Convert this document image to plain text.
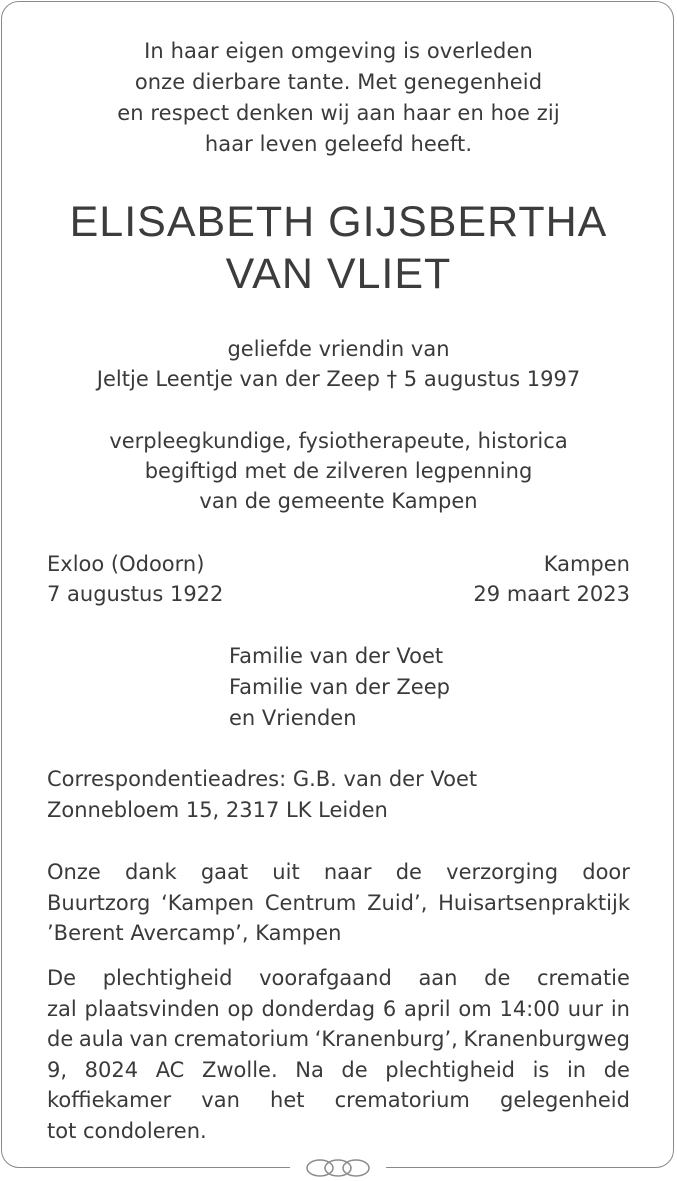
In haar eigen omgeving is overleden
onze dierbare tante. Met genegenheid
en respect denken wij aan haar en hoe zij
haar leven geleefd heeft.
ELISABETH GIJSBERTHA
VAN VLIET
geliefde vriendin van
Jeltje Leentje van der Zeep † 5 augustus 1997
verpleegkundige, fysiotherapeute, historica
begiftigd met de zilveren legpenning
van de gemeente Kampen
Exloo (Odoorn)	Kampen
7 augustus 1922	29 maart 2023
Familie van der Voet
Familie van der Zeep
en Vrienden
Correspondentieadres: G.B. van der Voet
Zonnebloem 15, 2317 LK Leiden
Onze dank gaat uit naar de verzorging door
Buurtzorg ‘Kampen Centrum Zuid’, Huisartsenpraktijk
’Berent Avercamp’, Kampen
De plechtigheid voorafgaand aan de crematie
zal plaatsvinden op donderdag 6 april om 14:00 uur in
de aula van crematorium ‘Kranenburg’, Kranenburgweg
9, 8024 AC Zwolle. Na de plechtigheid is in de
koffiekamer van het crematorium gelegenheid
tot condoleren.
